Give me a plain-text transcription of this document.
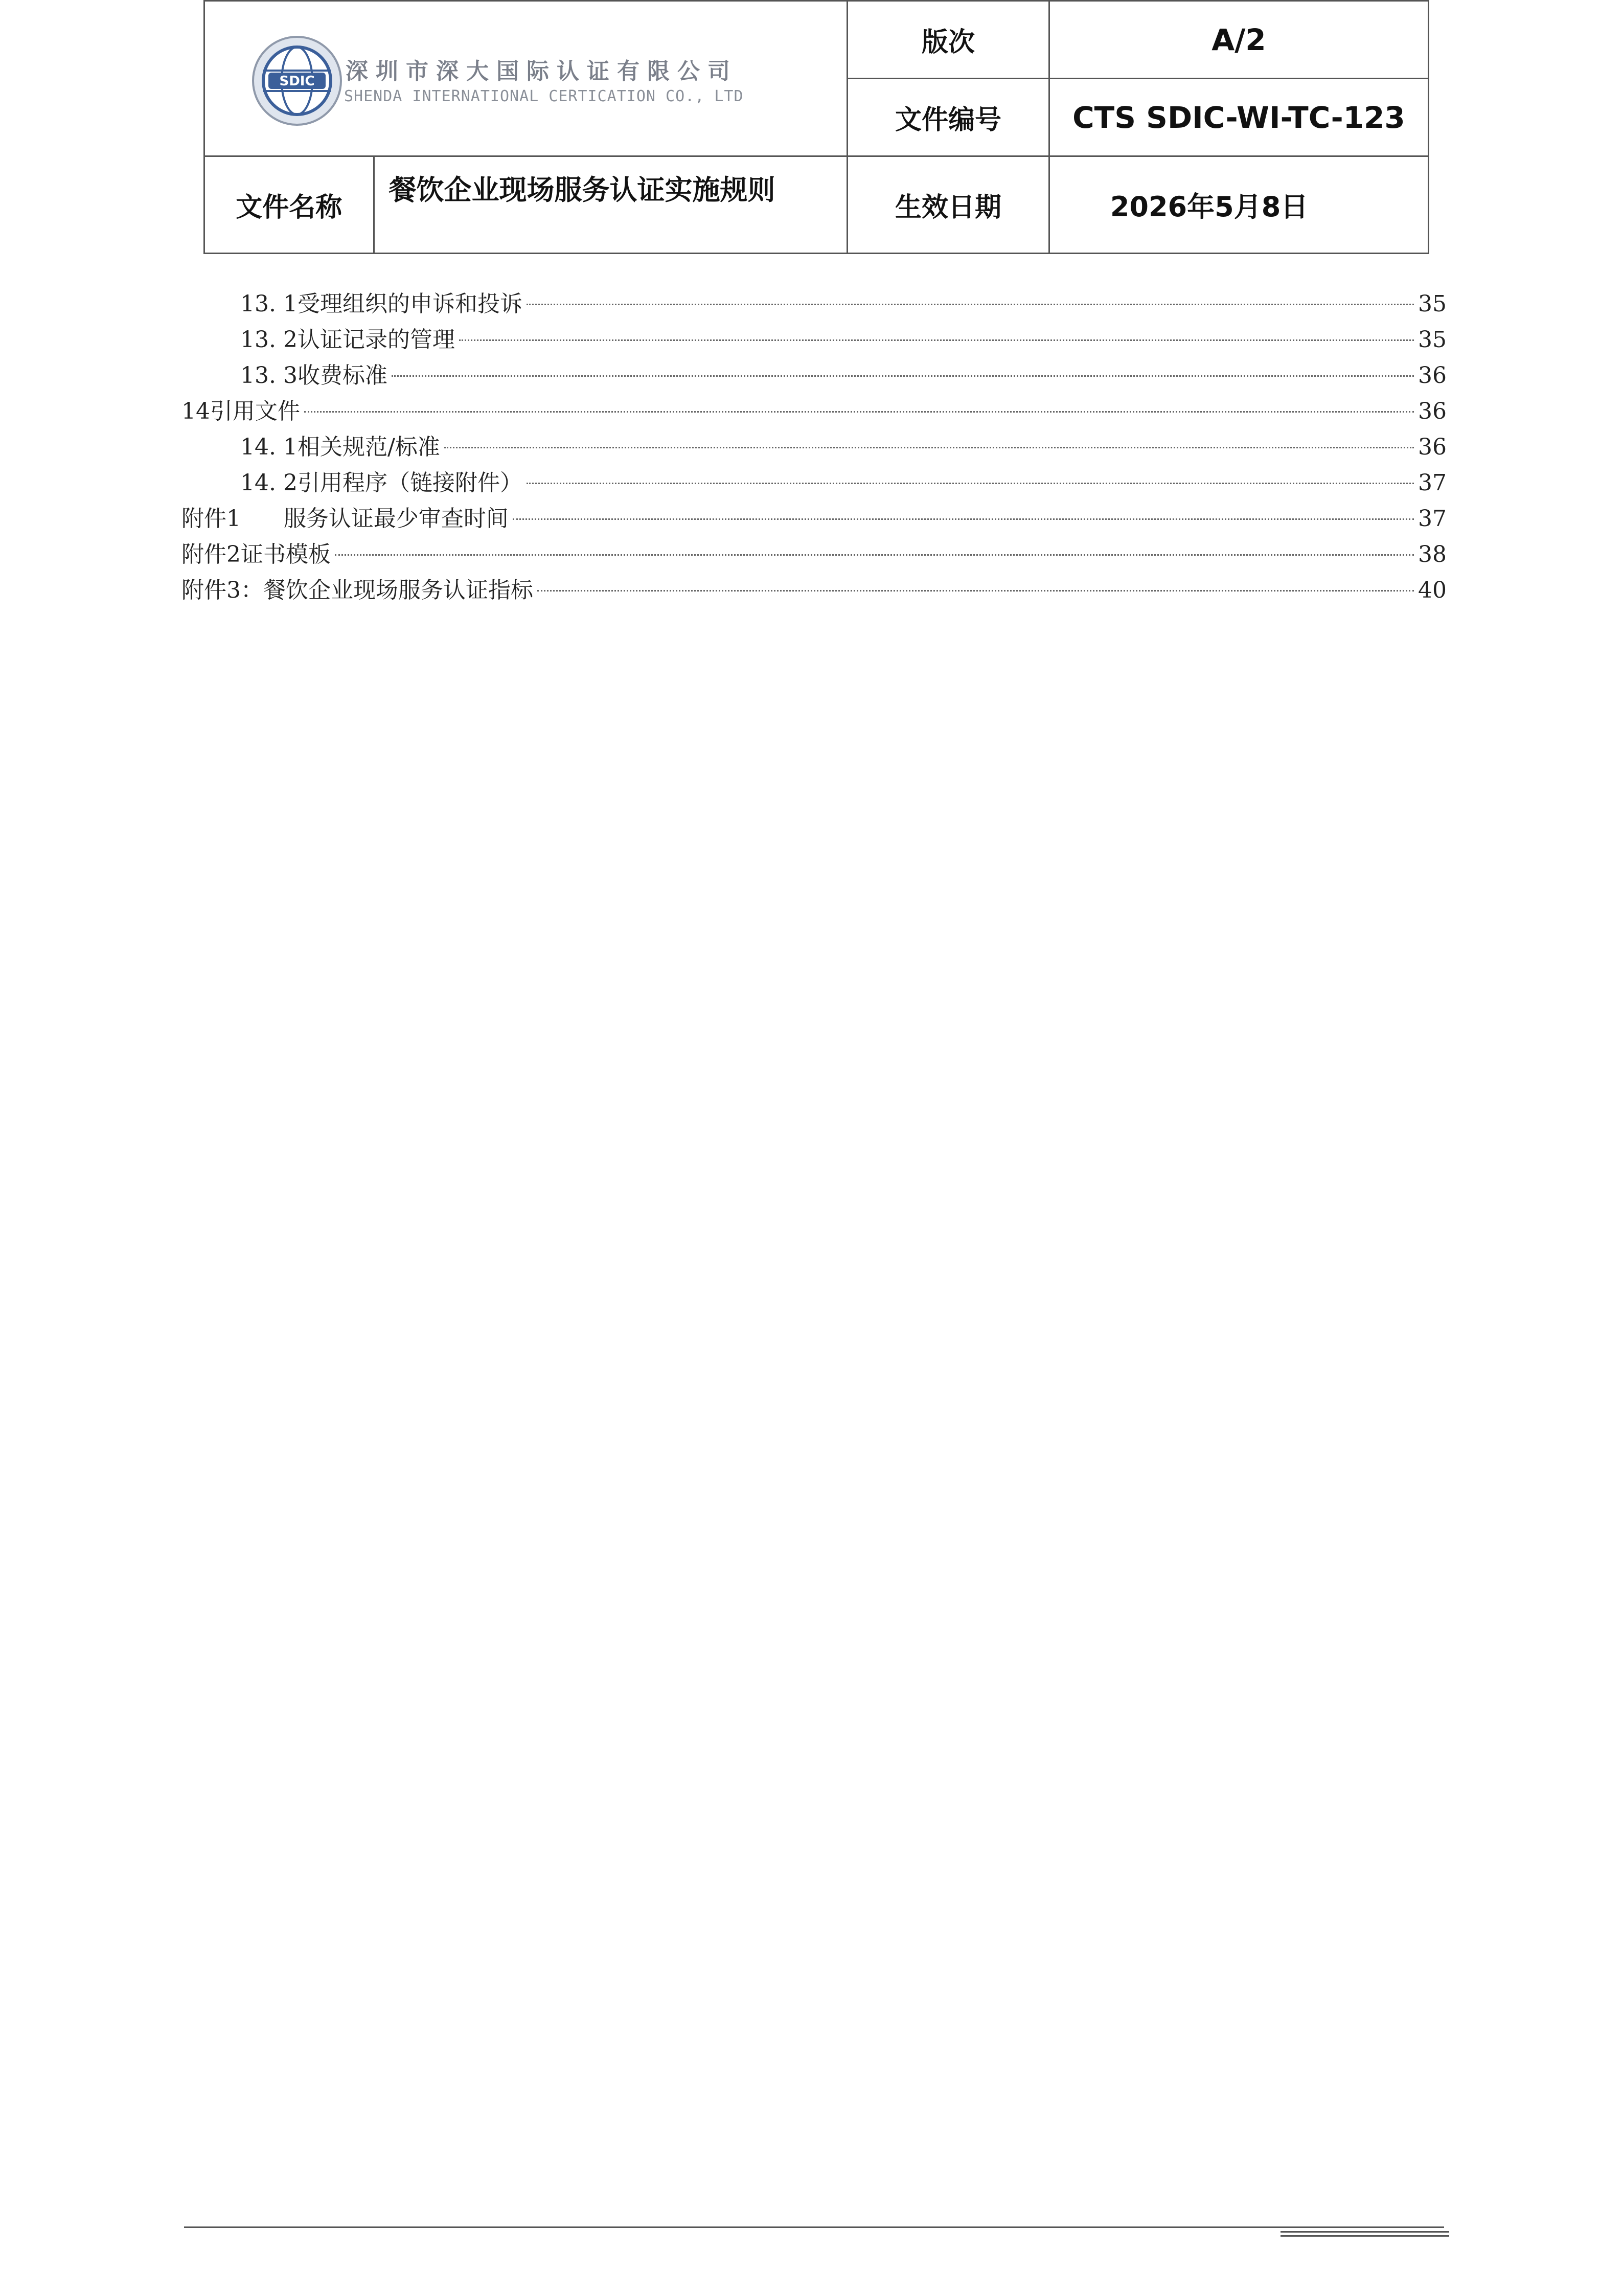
SDIC 深圳市深大国际认证有限公司
SHENDA INTERNATIONAL CERTICATION CO., LTD		版次	A/2
		文件编号	CTS SDIC-WI-TC-123
文件名称	餐饮企业现场服务认证实施规则	生效日期	2026年5月8日
13. 1受理组织的申诉和投诉	35
13. 2认证记录的管理	35
13. 3收费标准	36
14引用文件	36
14. 1相关规范/标准	36
14. 2引用程序（链接附件）	37
附件1      服务认证最少审查时间	37
附件2证书模板	38
附件3：餐饮企业现场服务认证指标	40
